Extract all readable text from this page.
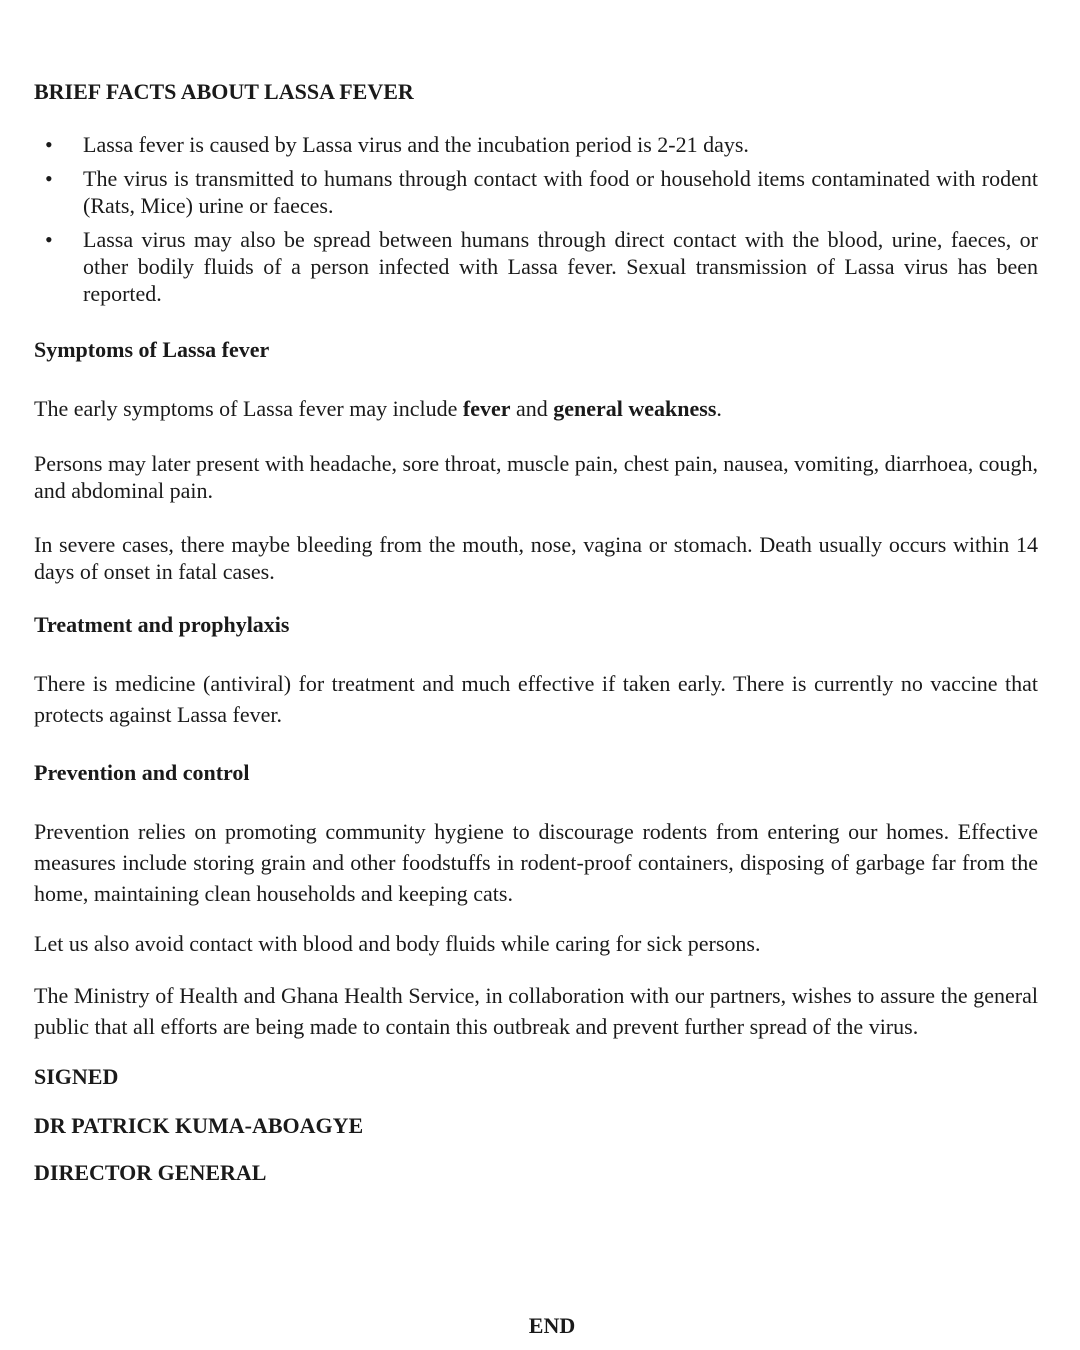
BRIEF FACTS ABOUT LASSA FEVER

• Lassa fever is caused by Lassa virus and the incubation period is 2-21 days.
• The virus is transmitted to humans through contact with food or household items contaminated with rodent (Rats, Mice) urine or faeces.
• Lassa virus may also be spread between humans through direct contact with the blood, urine, faeces, or other bodily fluids of a person infected with Lassa fever. Sexual transmission of Lassa virus has been reported.

Symptoms of Lassa fever

The early symptoms of Lassa fever may include fever and general weakness.

Persons may later present with headache, sore throat, muscle pain, chest pain, nausea, vomiting, diarrhoea, cough, and abdominal pain.

In severe cases, there maybe bleeding from the mouth, nose, vagina or stomach. Death usually occurs within 14 days of onset in fatal cases.

Treatment and prophylaxis

There is medicine (antiviral) for treatment and much effective if taken early. There is currently no vaccine that protects against Lassa fever.

Prevention and control

Prevention relies on promoting community hygiene to discourage rodents from entering our homes. Effective measures include storing grain and other foodstuffs in rodent-proof containers, disposing of garbage far from the home, maintaining clean households and keeping cats.

Let us also avoid contact with blood and body fluids while caring for sick persons.

The Ministry of Health and Ghana Health Service, in collaboration with our partners, wishes to assure the general public that all efforts are being made to contain this outbreak and prevent further spread of the virus.

SIGNED

DR PATRICK KUMA-ABOAGYE

DIRECTOR GENERAL

END
